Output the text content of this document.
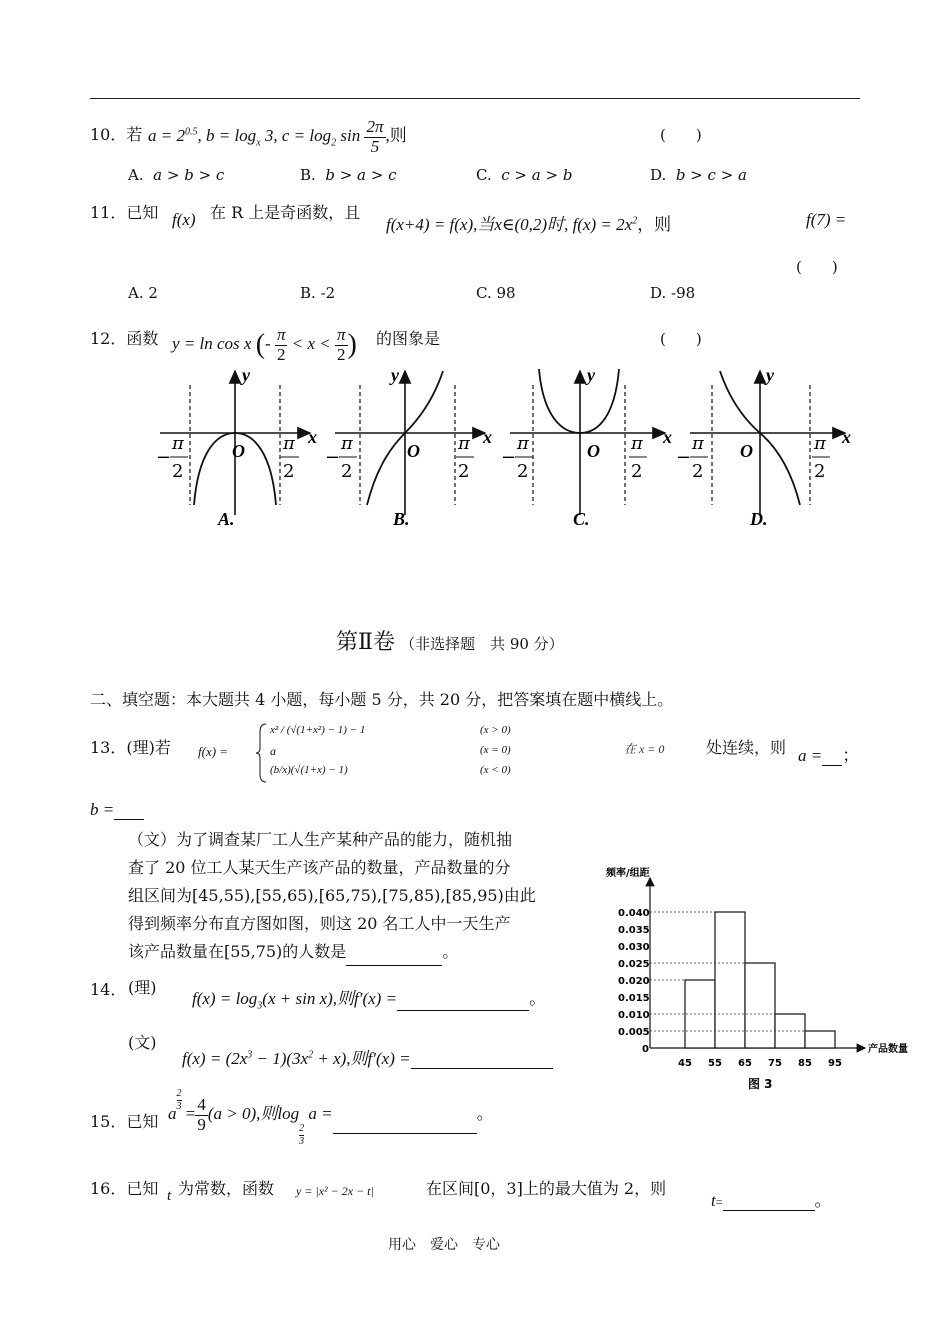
10．若 $a = 2^{0.5}$, $b = \log_x 3$, $c = \log_2 \sin \frac{2\pi}{5}$ ,则	(　　)
A. a > b > c	B. b > a > c	C. c > a > b	D. b > c > a
11．已知 f(x) 在 R 上是奇函数，且
f(x+4) = f(x),当x∈(0,2)时, $f(x) = 2x^2$，则	f(7) =
(　　)
A. 2	B. -2	C. 98	D. -98
12．函数 y = ln cos x (- $\frac{\pi}{2} < x < \frac{\pi}{2}$ ) 的图象是	(　　)
y
x
O
−
π
2
π
2
A.
y
x
O
−
π
2
π
2
B.
y
x
O
−
π
2
π
2
C.
y
x
O
−
π
2
π
2
D.
第Ⅱ卷 （非选择题　共 90 分）
二、填空题：本大题共 4 小题，每小题 5 分，共 20 分，把答案填在题中横线上。
13．(理)若 f(x) =
x² / (√(1+x²) − 1) − 1	(x > 0)
a	(x = 0)
(b/x)(√(1+x) − 1)	(x < 0)
在 x = 0	处连续，则 a = ；
b =
（文）为了调查某厂工人生产某种产品的能力，随机抽
查了 20 位工人某天生产该产品的数量，产品数量的分
组区间为[45,55),[55,65),[65,75),[75,85),[85,95)由此
得到频率分布直方图如图，则这 20 名工人中一天生产
该产品数量在[55,75)的人数是	。
频率/组距
产品数量
0.040
0.035
0.030
0.025
0.020
0.015
0.010
0.005
0
45 55 65 75 85 95
图 3
14． (理)
$f(x) = \log_3(x + \sin x)$,则f′(x) =	。
(文)
$f(x) = (2x^3 - 1)(3x^2 + x)$,则f′(x) =
15．已知 a
$\frac{2}{3}$
= $\frac{4}{9} (a > 0)$,则log
$\frac{2}{3}$
a =	。
16．已知 t 为常数，函数 y = |x² − 2x − t|	在区间[0，3]上的最大值为 2，则
t=	。
用心　爱心　专心
